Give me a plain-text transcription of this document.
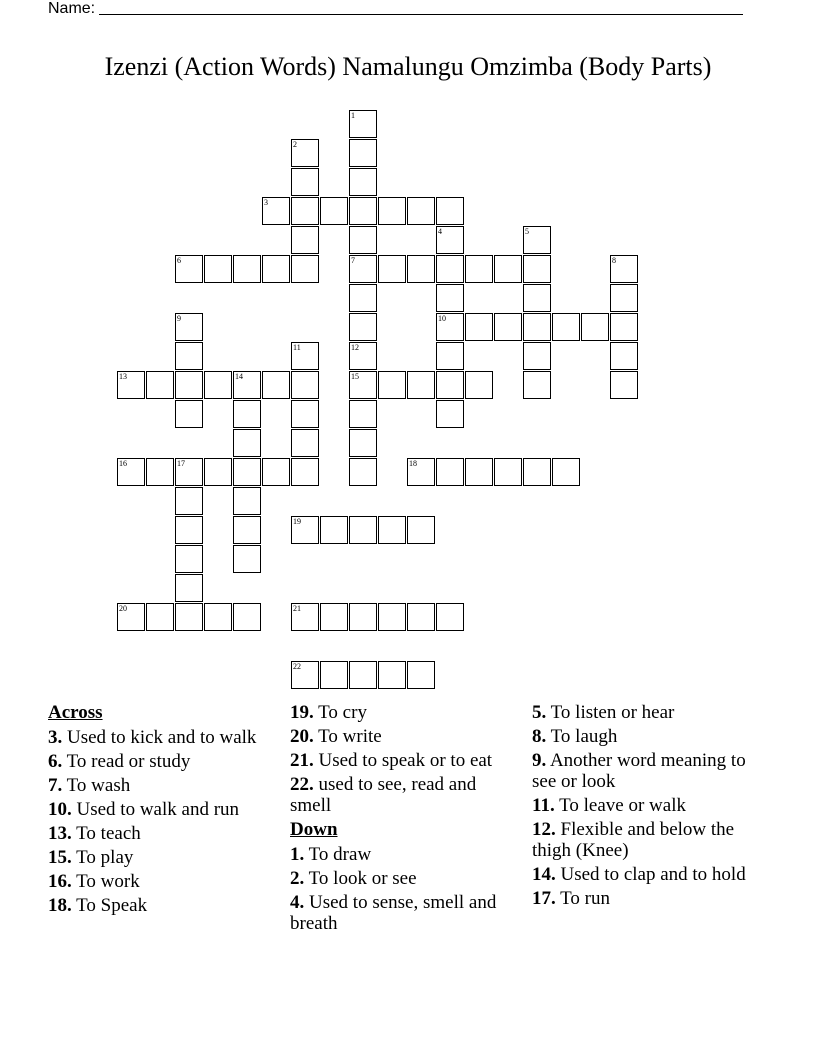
Name:
Izenzi (Action Words) Namalungu Omzimba (Body Parts)
1
7
12
15
2
3
4
10
5
6	8
9
11
13	14
16	17	18
19
20	21
22
Across
3. Used to kick and to walk
6. To read or study
7. To wash
10. Used to walk and run
13. To teach
15. To play
16. To work
18. To Speak
19. To cry
20. To write
21. Used to speak or to eat
22. used to see, read and smell
Down
1. To draw
2. To look or see
4. Used to sense, smell and breath
5. To listen or hear
8. To laugh
9. Another word meaning to see or look
11. To leave or walk
12. Flexible and below the thigh (Knee)
14. Used to clap and to hold
17. To run
